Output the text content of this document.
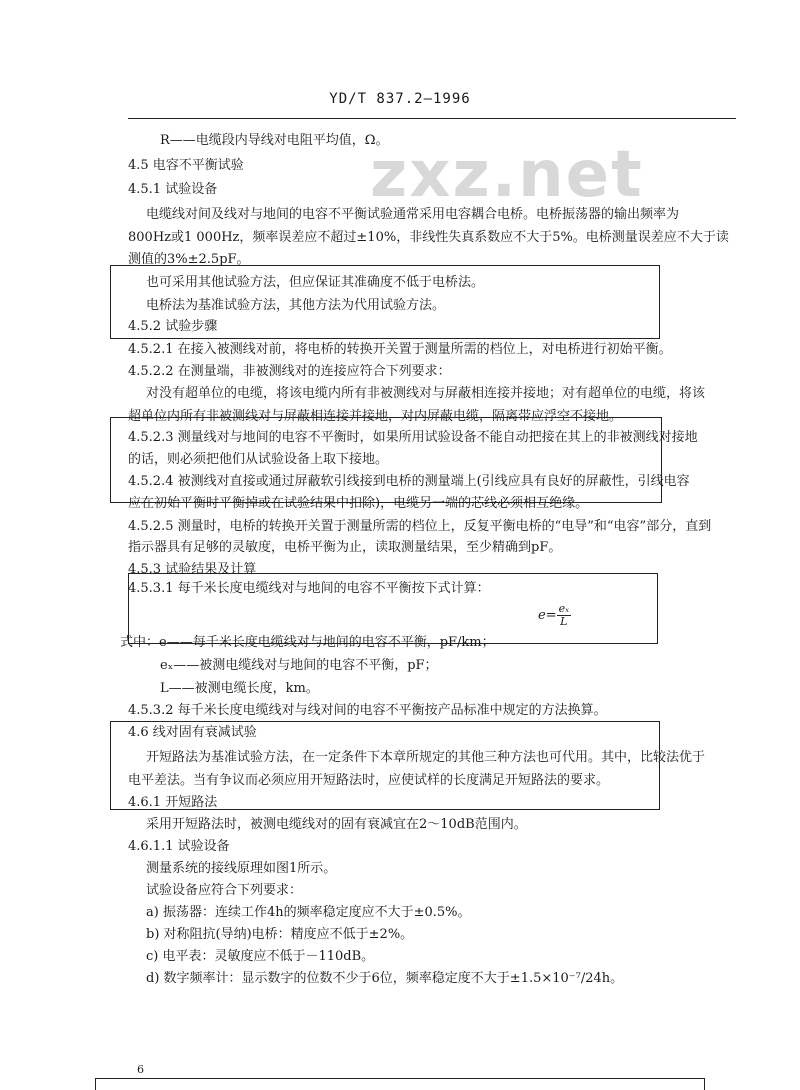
YD/T 837.2—1996
zxz.net
R——电缆段内导线对电阻平均值，Ω。
4.5 电容不平衡试验
4.5.1 试验设备
电缆线对间及线对与地间的电容不平衡试验通常采用电容耦合电桥。电桥振荡器的输出频率为
800Hz或1 000Hz，频率误差应不超过±10%，非线性失真系数应不大于5%。电桥测量误差应不大于读
测值的3%±2.5pF。
也可采用其他试验方法，但应保证其准确度不低于电桥法。
电桥法为基准试验方法，其他方法为代用试验方法。
4.5.2 试验步骤
4.5.2.1 在接入被测线对前，将电桥的转换开关置于测量所需的档位上，对电桥进行初始平衡。
4.5.2.2 在测量端，非被测线对的连接应符合下列要求：
对没有超单位的电缆，将该电缆内所有非被测线对与屏蔽相连接并接地；对有超单位的电缆，将该
超单位内所有非被测线对与屏蔽相连接并接地，对内屏蔽电缆，隔离带应浮空不接地。
4.5.2.3 测量线对与地间的电容不平衡时，如果所用试验设备不能自动把接在其上的非被测线对接地
的话，则必须把他们从试验设备上取下接地。
4.5.2.4 被测线对直接或通过屏蔽软引线接到电桥的测量端上(引线应具有良好的屏蔽性，引线电容
应在初始平衡时平衡掉或在试验结果中扣除)，电缆另一端的芯线必须相互绝缘。
4.5.2.5 测量时，电桥的转换开关置于测量所需的档位上，反复平衡电桥的“电导”和“电容”部分，直到
指示器具有足够的灵敏度，电桥平衡为止，读取测量结果，至少精确到pF。
4.5.3 试验结果及计算
4.5.3.1 每千米长度电缆线对与地间的电容不平衡按下式计算：
$e= \frac{\text{eₓ}}{L}$
式中：e——每千米长度电缆线对与地间的电容不平衡，pF/km；
eₓ——被测电缆线对与地间的电容不平衡，pF；
L——被测电缆长度，km。
4.5.3.2 每千米长度电缆线对与线对间的电容不平衡按产品标准中规定的方法换算。
4.6 线对固有衰减试验
开短路法为基准试验方法，在一定条件下本章所规定的其他三种方法也可代用。其中，比较法优于
电平差法。当有争议而必须应用开短路法时，应使试样的长度满足开短路法的要求。
4.6.1 开短路法
采用开短路法时，被测电缆线对的固有衰减宜在2～10dB范围内。
4.6.1.1 试验设备
测量系统的接线原理如图1所示。
试验设备应符合下列要求：
a) 振荡器：连续工作4h的频率稳定度应不大于±0.5%。
b) 对称阻抗(导纳)电桥：精度应不低于±2%。
c) 电平表：灵敏度应不低于－110dB。
d) 数字频率计：显示数字的位数不少于6位，频率稳定度不大于±1.5×10⁻⁷/24h。
6
